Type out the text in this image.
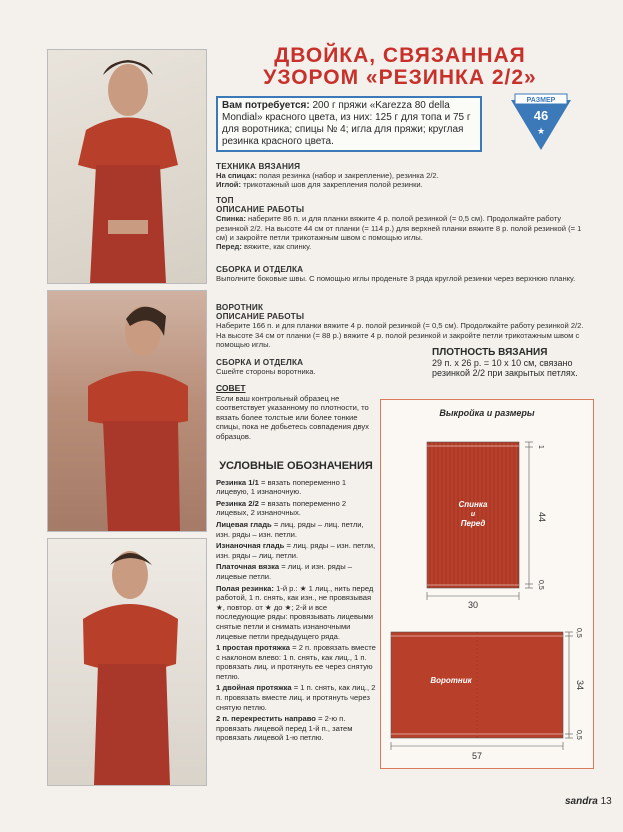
ДВОЙКА, СВЯЗАННАЯ
УЗОРОМ «РЕЗИНКА 2/2»
Вам потребуется: 200 г пряжи «Karezza 80 della Mondial» красного цвета, из них: 125 г для топа и 75 г для воротника; спицы № 4; игла для пряжи; круглая резинка красного цвета.
РАЗМЕР
46
★
ТЕХНИКА ВЯЗАНИЯ
На спицах: полая резинка (набор и закрепление), резинка 2/2.
Иглой: трикотажный шов для закрепления полой резинки.
ТОП
ОПИСАНИЕ РАБОТЫ
Спинка: наберите 86 п. и для планки вяжите 4 р. полой резинкой (= 0,5 см). Продолжайте работу резинкой 2/2. На высоте 44 см от планки (= 114 р.) для верхней планки вяжите 8 р. полой резинкой (= 1 см) и закройте петли трикотажным швом с помощью иглы.
Перед: вяжите, как спинку.
СБОРКА И ОТДЕЛКА
Выполните боковые швы. С помощью иглы проденьте 3 ряда круглой резинки через верхнюю планку.
ВОРОТНИК
ОПИСАНИЕ РАБОТЫ
Наберите 166 п. и для планки вяжите 4 р. полой резинкой (= 0,5 см). Продолжайте работу резинкой 2/2. На высоте 34 см от планки (= 88 р.) вяжите 4 р. полой резинкой и закройте петли трикотажным швом с помощью иглы.
СБОРКА И ОТДЕЛКА
Сшейте стороны воротника.
ПЛОТНОСТЬ ВЯЗАНИЯ
29 п. х 26 р. = 10 х 10 см, связано резинкой 2/2 при закрытых петлях.
СОВЕТ
Если ваш контрольный образец не соответствует указанному по плотности, то вязать более толстые или более тонкие спицы, пока не добьетесь совпадения двух образцов.
УСЛОВНЫЕ ОБОЗНАЧЕНИЯ

Резинка 1/1 = вязать попеременно 1 лицевую, 1 изнаночную.

Резинка 2/2 = вязать попеременно 2 лицевых, 2 изнаночных.

Лицевая гладь = лиц. ряды – лиц. петли, изн. ряды – изн. петли.

Изнаночная гладь = лиц. ряды – изн. петли, изн. ряды – лиц. петли.

Платочная вязка = лиц. и изн. ряды – лицевые петли.

Полая резинка: 1-й р.: ★ 1 лиц., нить перед работой, 1 п. снять, как изн., не провязывая ★, повтор. от ★ до ★; 2-й и все последующие ряды: провязывать лицевыми снятые петли и снимать изнаночными лицевые петли предыдущего ряда.

1 простая протяжка = 2 п. провязать вместе с наклоном влево: 1 п. снять, как лиц., 1 п. провязать лиц. и протянуть ее через снятую петлю.

1 двойная протяжка = 1 п. снять, как лиц., 2 п. провязать вместе лиц. и протянуть через снятую петлю.

2 п. перекрестить направо = 2-ю п. провязать лицевой перед 1-й п., затем провязать лицевой 1-ю петлю.

Выкройка и размеры
Спинка
и
Перед
1
44
0,5
30
Воротник
0,5
34
0,5
57
sandra 13
